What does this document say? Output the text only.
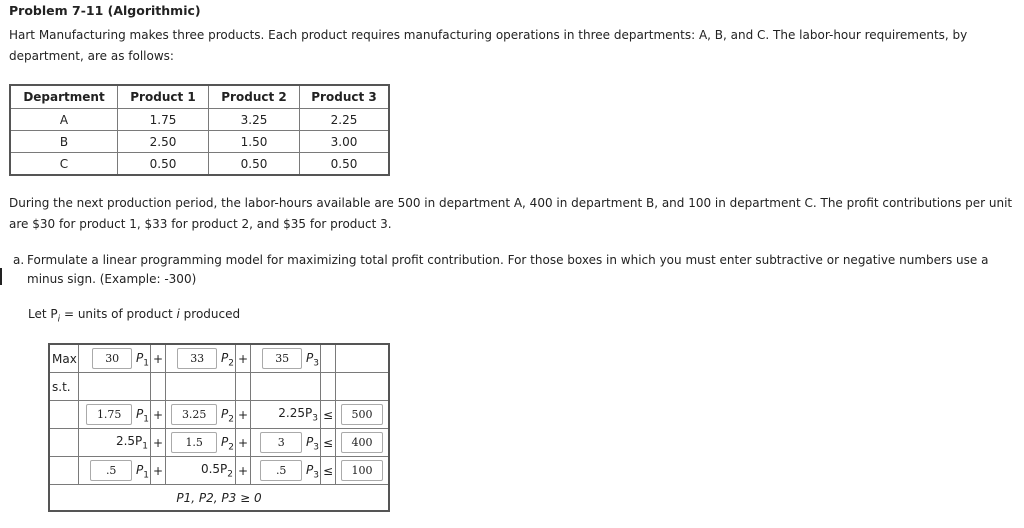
Problem 7-11 (Algorithmic)
Hart Manufacturing makes three products. Each product requires manufacturing operations in three departments: A, B, and C. The labor-hour requirements, by department, are as follows:
Department	Product 1	Product 2	Product 3
A	1.75	3.25	2.25
B	2.50	1.50	3.00
C	0.50	0.50	0.50
During the next production period, the labor-hours available are 500 in department A, 400 in department B, and 100 in department C. The profit contributions per unit are $30 for product 1, $33 for product 2, and $35 for product 3.
a. Formulate a linear programming model for maximizing total profit contribution. For those boxes in which you must enter subtractive or negative numbers use a minus sign. (Example: -300)
Let $P_i$ = units of product i produced
Max	30 $P_1$	+	33 $P_2$	+	35 $P_3$		
s.t.							
	1.75 $P_1$	+	3.25 $P_2$	+	$2.25P_3$	≤	500
	$2.5P_1$	+	1.5 $P_2$	+	3 $P_3$	≤	400
	.5 $P_1$	+	$0.5P_2$	+	.5 $P_3$	≤	100
P1, P2, P3 ≥ 0							
